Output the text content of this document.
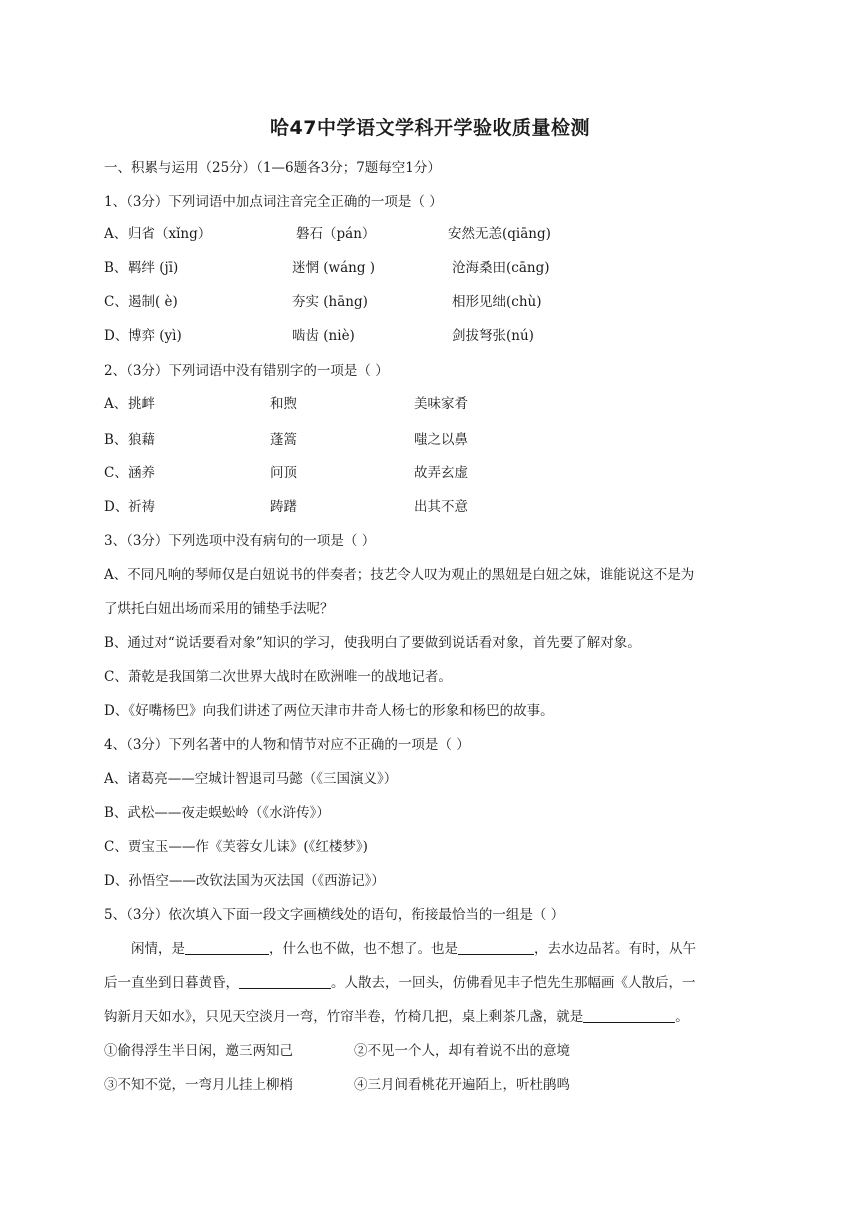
哈47中学语文学科开学验收质量检测
一、积累与运用（25分）（1—6题各3分；7题每空1分）
1、（3分）下列词语中加点词注音完全正确的一项是（ ）
A、 归省（xǐng）	磐石（pán）	安然无恙(qiāng)
B、 羁绊 (jī)	迷惘 (wáng )	沧海桑田(cāng)
C、 遏制( è)	夯实 (hāng)	相形见绌(chù)
D、 博弈 (yì)	啮齿 (niè)	剑拔弩张(nú)
2、（3分）下列词语中没有错别字的一项是（ ）
A、 挑衅	和煦	美味家肴
B、 狼藉	蓬篙	嗤之以鼻
C、 涵养	问顶	故弄玄虚
D、 祈祷	踌躇	出其不意
3、（3分）下列选项中没有病句的一项是（ ）
A、不同凡响的琴师仅是白妞说书的伴奏者；技艺令人叹为观止的黑妞是白妞之妹，谁能说这不是为
了烘托白妞出场而采用的铺垫手法呢？
B、通过对“说话要看对象”知识的学习，使我明白了要做到说话看对象，首先要了解对象。
C、萧乾是我国第二次世界大战时在欧洲唯一的战地记者。
D、《好嘴杨巴》向我们讲述了两位天津市井奇人杨七的形象和杨巴的故事。
4、（3分）下列名著中的人物和情节对应不正确的一项是（ ）
A、诸葛亮——空城计智退司马懿（《三国演义》）
B、武松——夜走蜈蚣岭（《水浒传》）
C、贾宝玉——作《芙蓉女儿诔》(《红楼梦》)
D、孙悟空——改钦法国为灭法国（《西游记》）
5、（3分）依次填入下面一段文字画横线处的语句，衔接最恰当的一组是（ ）
闲情，是	，什么也不做，也不想了。也是	，去水边品茗。有时，从午
后一直坐到日暮黄昏，	。人散去，一回头，仿佛看见丰子恺先生那幅画《人散后，一
钩新月天如水》，只见天空淡月一弯，竹帘半卷，竹椅几把，桌上剩茶几盏，就是	。
①偷得浮生半日闲，邀三两知己	②不见一个人，却有着说不出的意境
③不知不觉，一弯月儿挂上柳梢	④三月间看桃花开遍陌上，听杜鹃鸣
